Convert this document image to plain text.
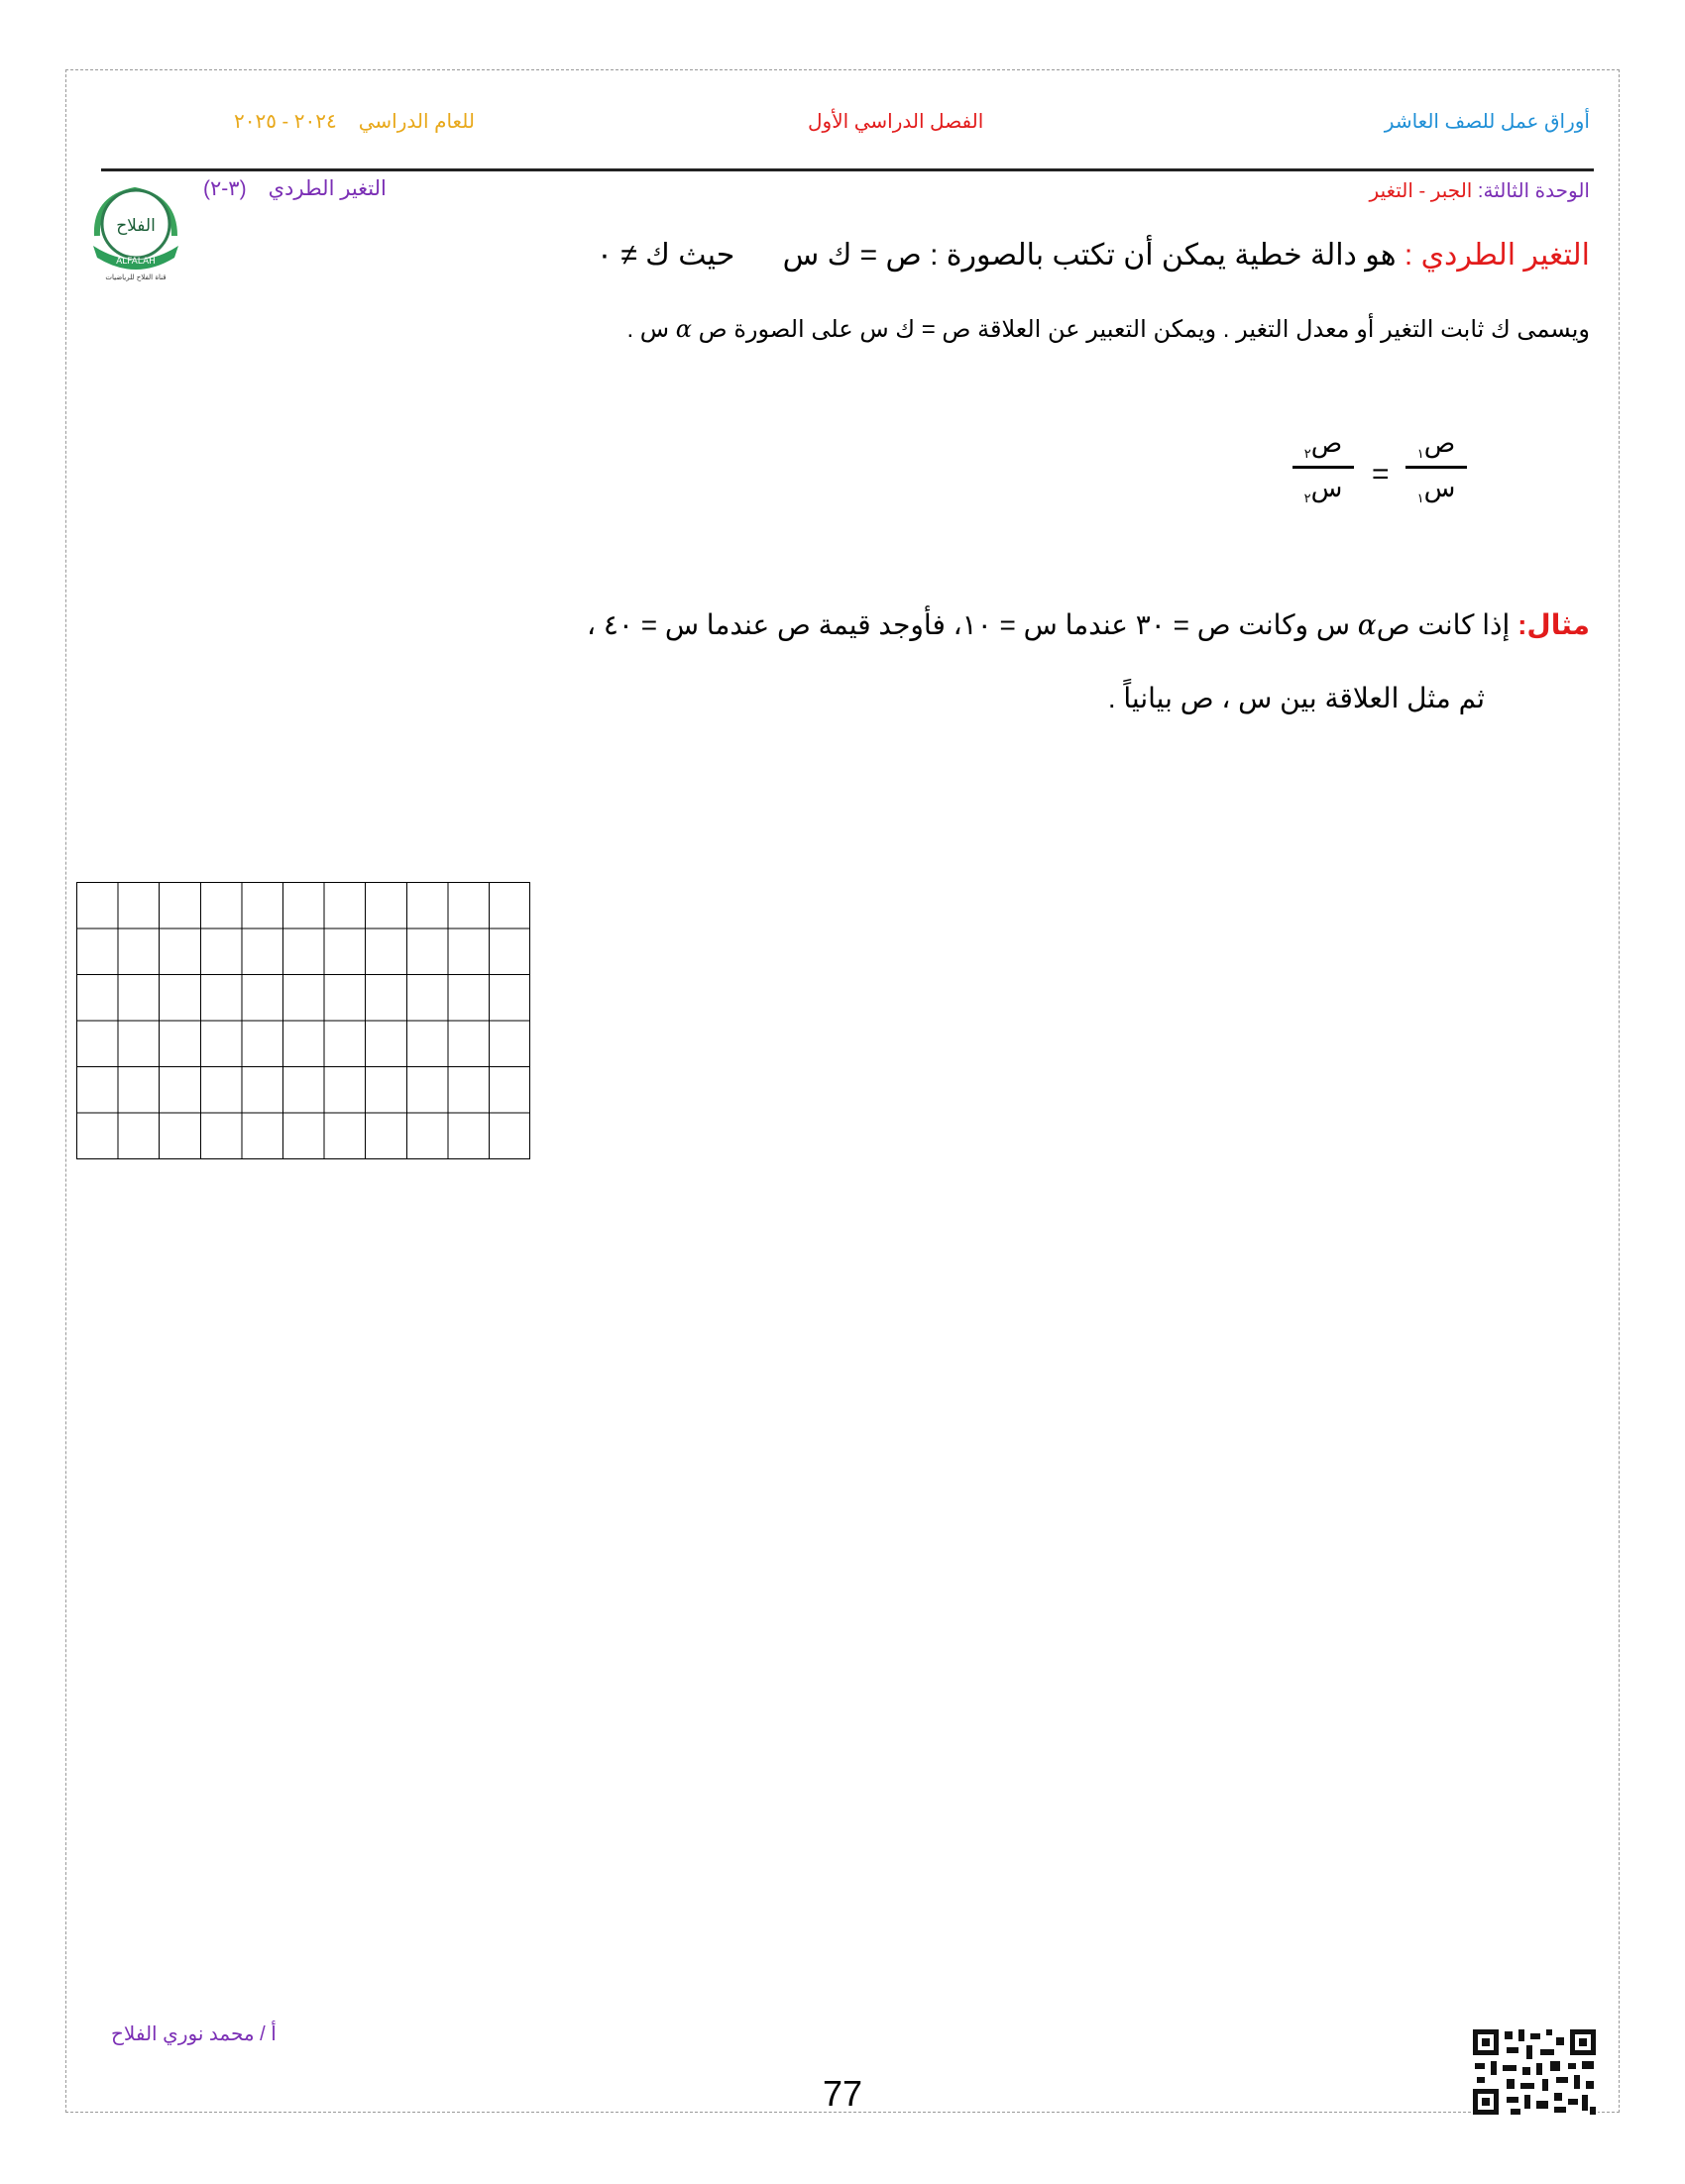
أوراق عمل للصف العاشر
الفصل الدراسي الأول
للعام الدراسي٢٠٢٤ - ٢٠٢٥
الوحدة الثالثة: الجبر - التغير
التغير الطردي(٣-٢)
الفلاح
ALFALAH
قناة الفلاح للرياضيات
التغير الطردي : هو دالة خطية يمكن أن تكتب بالصورة : ص = ك س حيث ك ≠ ٠
ويسمى ك ثابت التغير أو معدل التغير . ويمكن التعبير عن العلاقة ص = ك س على الصورة ص α س .
ص$_٢$
س$_٢$
=
ص$_١$
س$_١$
مثال: إذا كانت صα س وكانت ص = ٣٠ عندما س = ١٠، فأوجد قيمة ص عندما س = ٤٠ ،
ثم مثل العلاقة بين س ، ص بيانياً .
أ / محمد نوري الفلاح
77
